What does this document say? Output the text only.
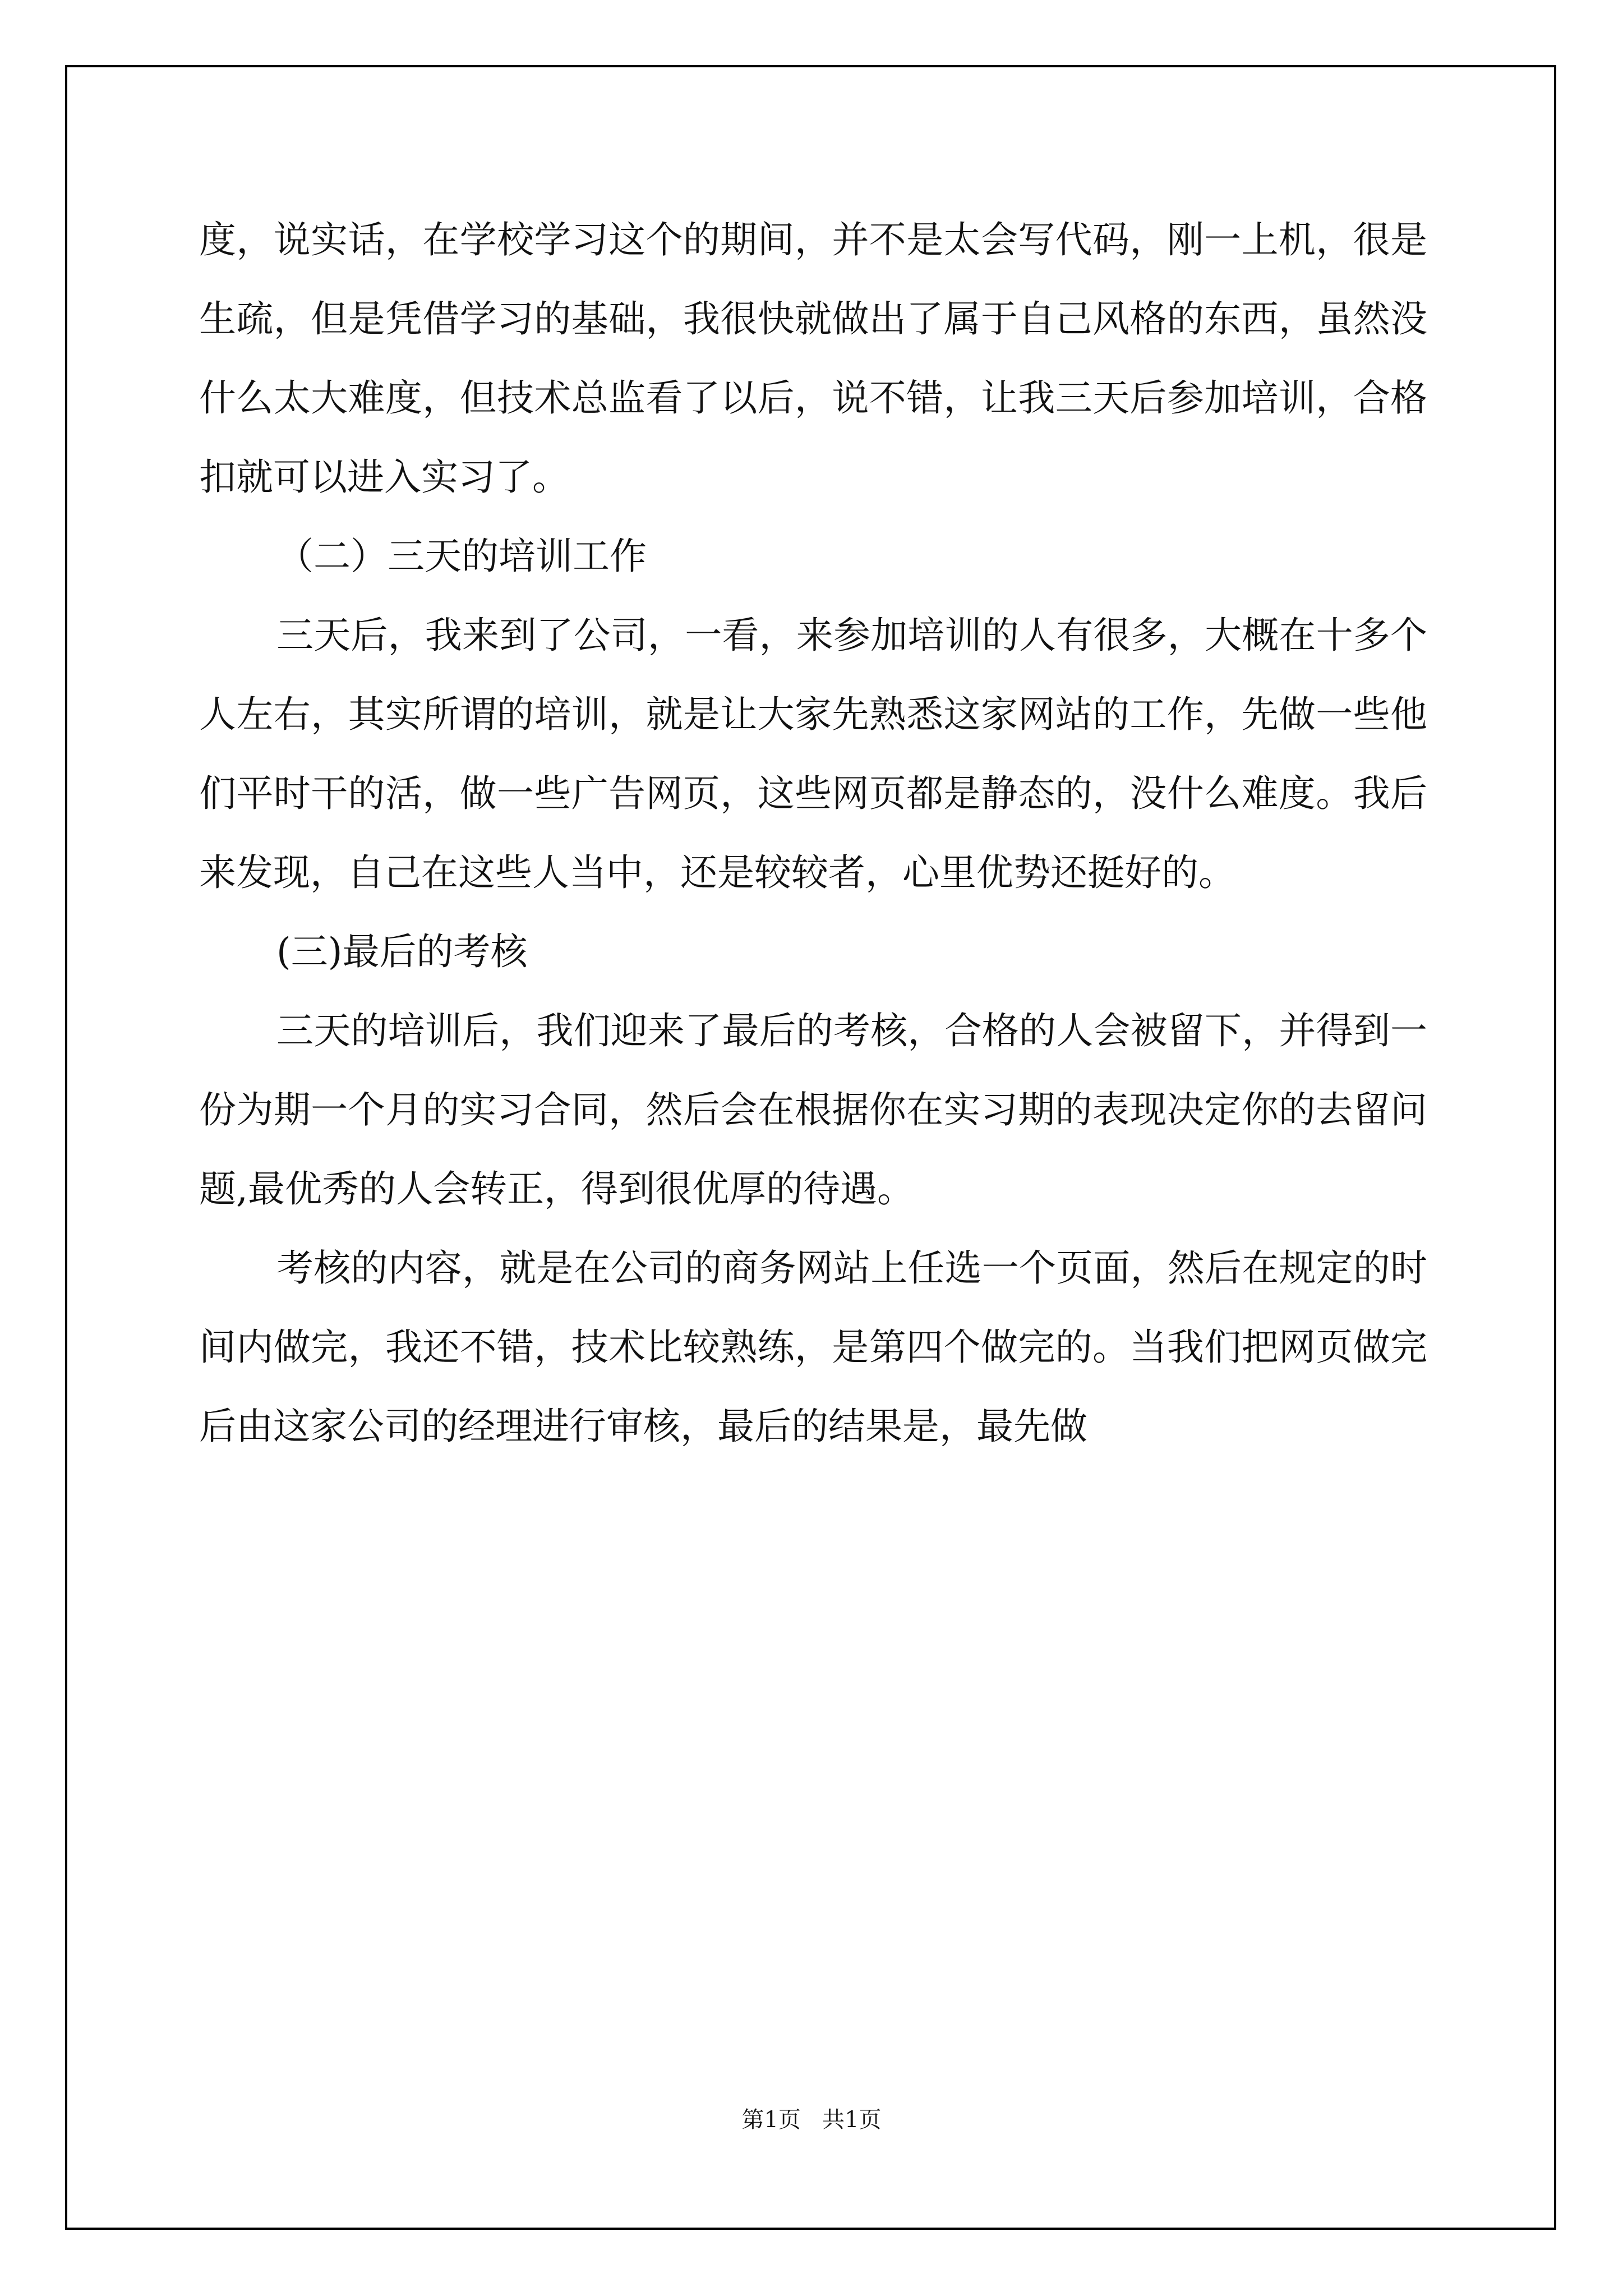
度，说实话，在学校学习这个的期间，并不是太会写代码，刚一上机，很是生疏，但是凭借学习的基础，我很快就做出了属于自己风格的东西，虽然没什么太大难度，但技术总监看了以后，说不错，让我三天后参加培训，合格扣就可以进入实习了。

（二）三天的培训工作

三天后，我来到了公司，一看，来参加培训的人有很多，大概在十多个人左右，其实所谓的培训，就是让大家先熟悉这家网站的工作，先做一些他们平时干的活，做一些广告网页，这些网页都是静态的，没什么难度。我后来发现，自己在这些人当中，还是较较者，心里优势还挺好的。

(三)最后的考核

三天的培训后，我们迎来了最后的考核，合格的人会被留下，并得到一份为期一个月的实习合同，然后会在根据你在实习期的表现决定你的去留问题,最优秀的人会转正，得到很优厚的待遇。

考核的内容，就是在公司的商务网站上任选一个页面，然后在规定的时间内做完，我还不错，技术比较熟练，是第四个做完的。当我们把网页做完后由这家公司的经理进行审核，最后的结果是，最先做

第1页   共1页
